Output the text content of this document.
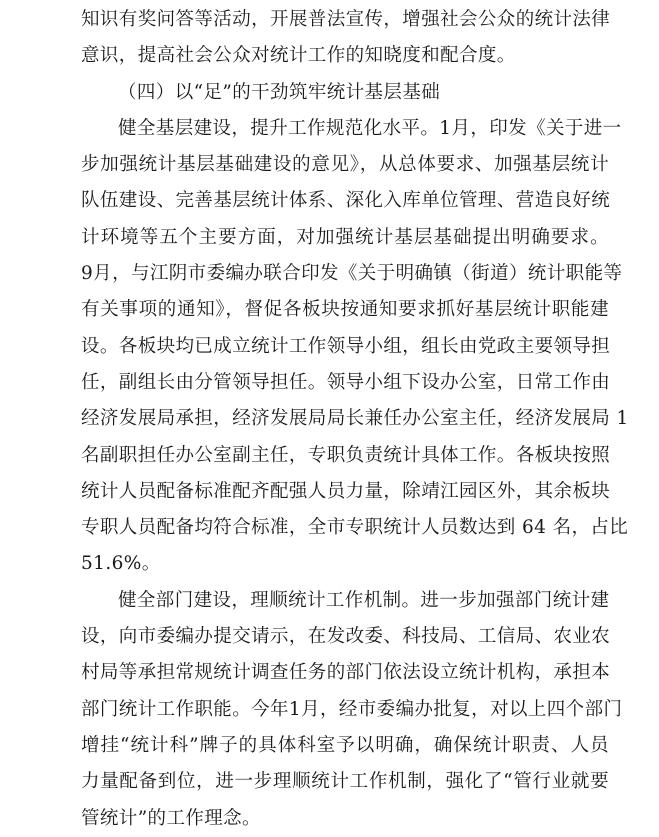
知识有奖问答等活动，开展普法宣传，增强社会公众的统计法律
意识，提高社会公众对统计工作的知晓度和配合度。
（四）以“足”的干劲筑牢统计基层基础
健全基层建设，提升工作规范化水平。1月，印发《关于进一
步加强统计基层基础建设的意见》，从总体要求、加强基层统计
队伍建设、完善基层统计体系、深化入库单位管理、营造良好统
计环境等五个主要方面，对加强统计基层基础提出明确要求。
9月，与江阴市委编办联合印发《关于明确镇（街道）统计职能等
有关事项的通知》，督促各板块按通知要求抓好基层统计职能建
设。各板块均已成立统计工作领导小组，组长由党政主要领导担
任，副组长由分管领导担任。领导小组下设办公室，日常工作由
经济发展局承担，经济发展局局长兼任办公室主任，经济发展局 1
名副职担任办公室副主任，专职负责统计具体工作。各板块按照
统计人员配备标准配齐配强人员力量，除靖江园区外，其余板块
专职人员配备均符合标准，全市专职统计人员数达到 64 名，占比
51.6%。
健全部门建设，理顺统计工作机制。进一步加强部门统计建
设，向市委编办提交请示，在发改委、科技局、工信局、农业农
村局等承担常规统计调查任务的部门依法设立统计机构，承担本
部门统计工作职能。今年1月，经市委编办批复，对以上四个部门
增挂“统计科”牌子的具体科室予以明确，确保统计职责、人员
力量配备到位，进一步理顺统计工作机制，强化了“管行业就要
管统计”的工作理念。
